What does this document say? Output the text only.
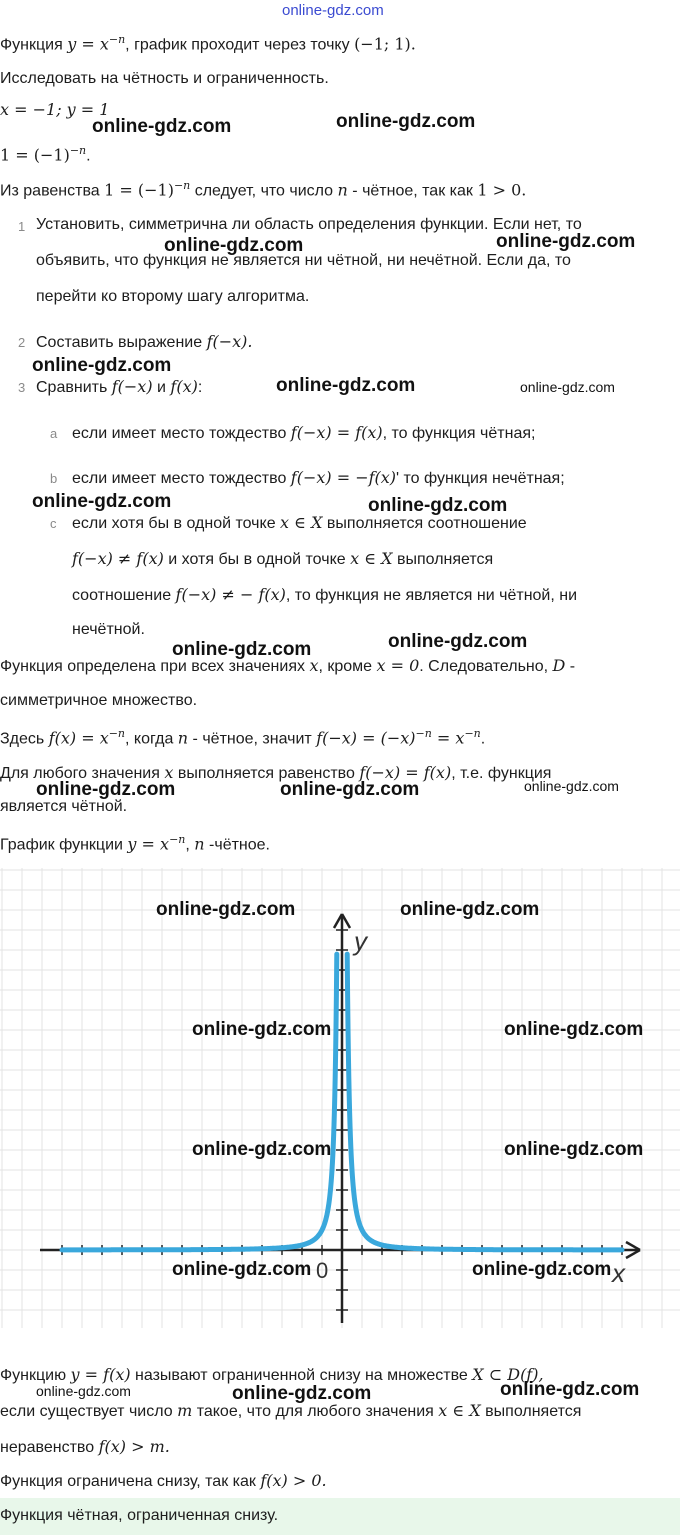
online-gdz.com
Функция $y = x^{-n}$, график проходит через точку (−1; 1).
Исследовать на чётность и ограниченность.
x = −1; y = 1
$1 = (-1)^{-n}$.
Из равенства $1 = (-1)^{-n}$ следует, что число n - чётное, так как 1 > 0.
1 Установить, симметрична ли область определения функции. Если нет, то
объявить, что функция не является ни чётной, ни нечётной. Если да, то
перейти ко второму шагу алгоритма.
2 Составить выражение f(−x).
3 Сравнить f(−x) и f(x):
a если имеет место тождество f(−x) = f(x), то функция чётная;
b если имеет место тождество f(−x) = −f(x)' то функция нечётная;
c если хотя бы в одной точке x ∈ X выполняется соотношение
f(−x) ≠ f(x) и хотя бы в одной точке x ∈ X выполняется
соотношение f(−x) ≠ − f(x), то функция не является ни чётной, ни
нечётной.
Функция определена при всех значениях x, кроме x = 0. Следовательно, D -
симметричное множество.
Здесь $f(x) = x^{-n}$, когда n - чётное, значит $f(-x) = (-x)^{-n} = x^{-n}$.
Для любого значения x выполняется равенство f(−x) = f(x), т.е. функция
является чётной.
График функции $y = x^{-n}$, n -чётное.
y
x
0
Функцию y = f(x) называют ограниченной снизу на множестве X ⊂ D(f),
если существует число m такое, что для любого значения x ∈ X выполняется
неравенство f(x) > m.
Функция ограничена снизу, так как f(x) > 0.
Функция чётная, ограниченная снизу.
online-gdz.com	online-gdz.com
online-gdz.com	online-gdz.com
online-gdz.com
online-gdz.com	online-gdz.com
online-gdz.com	online-gdz.com
online-gdz.com	online-gdz.com
online-gdz.com	online-gdz.com	online-gdz.com
online-gdz.com	online-gdz.com
online-gdz.com	online-gdz.com
online-gdz.com	online-gdz.com
online-gdz.com	online-gdz.com
online-gdz.com	online-gdz.com	online-gdz.com
